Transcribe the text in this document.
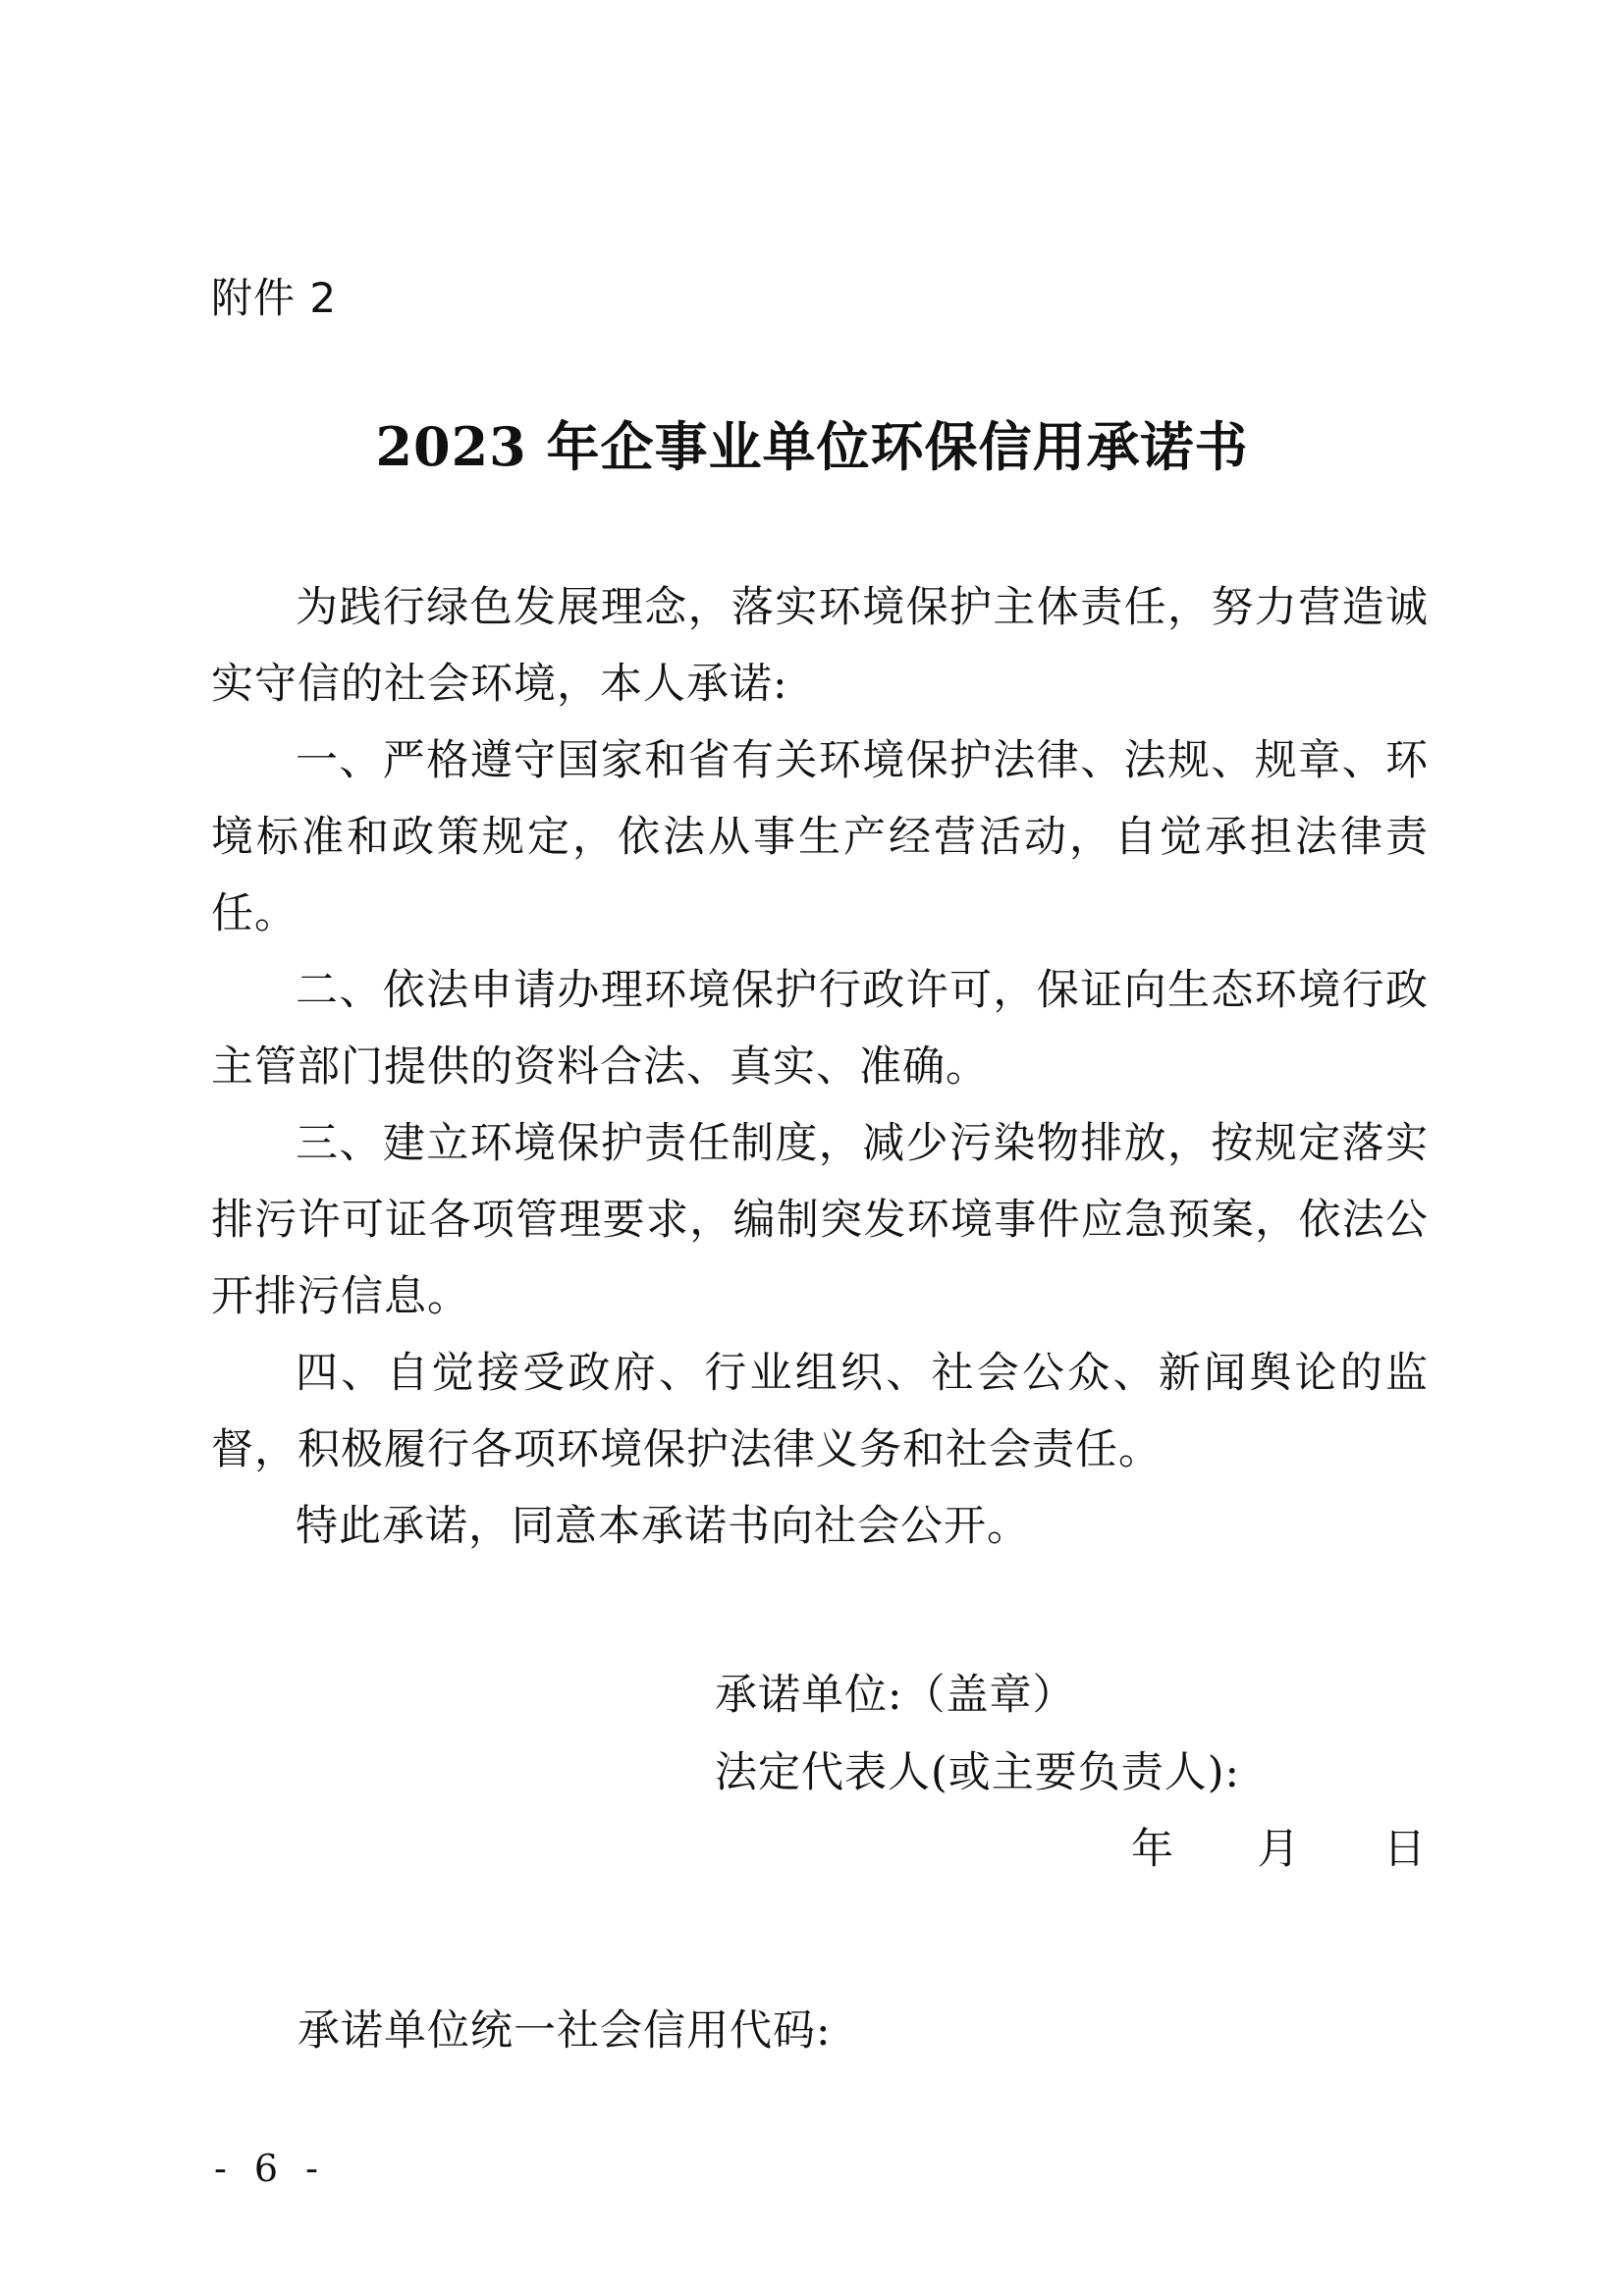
附件 2
2023 年企事业单位环保信用承诺书

为践行绿色发展理念，落实环境保护主体责任，努力营造诚实守信的社会环境，本人承诺:

一、严格遵守国家和省有关环境保护法律、法规、规章、环境标准和政策规定，依法从事生产经营活动，自觉承担法律责任。

二、依法申请办理环境保护行政许可，保证向生态环境行政主管部门提供的资料合法、真实、准确。

三、建立环境保护责任制度，减少污染物排放，按规定落实排污许可证各项管理要求，编制突发环境事件应急预案，依法公开排污信息。

四、自觉接受政府、行业组织、社会公众、新闻舆论的监督，积极履行各项环境保护法律义务和社会责任。

特此承诺，同意本承诺书向社会公开。

承诺单位:（盖章）
法定代表人(或主要负责人):
年 月 日
承诺单位统一社会信用代码:
- 6 -
